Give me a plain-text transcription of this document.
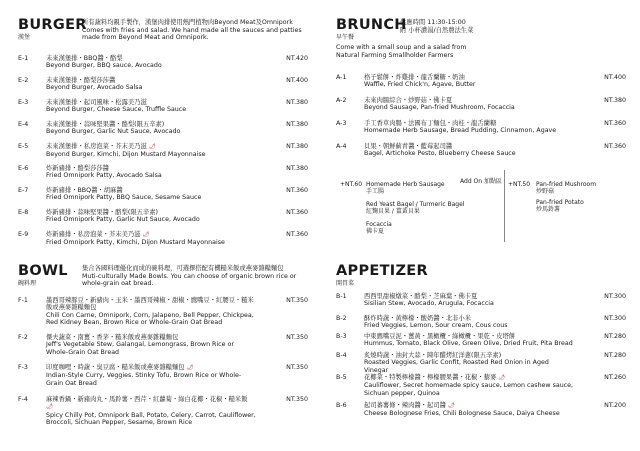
BURGER
漢堡
所有蔬料均親手製作，漢堡肉排使用熱門植物肉Beyond Meat及Omnipork
Comes with fries and salad. We hand made all the sauces and patties
made from Beyond Meat and Omnipork.
E-1	未來漢堡排・BBQ醬・酪梨
Beyond Burger, BBQ sauce, Avocado
NT.420
E-2	未來漢堡排・酪梨莎莎醬
Beyond Burger, Avocado Salsa
NT.400
E-3	未來漢堡排・起司風味・松露美乃滋
Beyond Burger, Cheese Sauce, Truffle Sauce
NT.380
E-4	未來漢堡排・蒜味堅果醬・酪梨(限五辛素)
Beyond Burger, Garlic Nut Sauce, Avocado
NT.380
E-5	未來漢堡排・私房泡菜・芥末美乃滋 🌶
Beyond Burger, Kimchi, Dijon Mustard Mayonnaise
NT.380
E-6	炸新豬排・酪梨莎莎醬
Fried Omnipork Patty, Avocado Salsa
NT.380
E-7	炸新豬排・BBQ醬・胡麻醬
Fried Omnipork Patty, BBQ Sauce, Sesame Sauce
NT.360
E-8	炸新豬排・蒜味堅果醬・酪梨(限五辛素)
Fried Omnipork Patty, Garlic Nut Sauce, Avocado
NT.360
E-9	炸新豬排・私房泡菜・芥末美乃滋 🌶
Fried Omnipork Patty, Kimchi, Dijon Mustard Mayonnaise
NT.360
BOWL
碗料理
集合各國料理優化而成的碗料理，可選擇搭配有機糙米飯或燕麥雜糧麵包
Muti-culturally Made Bowls. You can choose of organic brown rice or
whole-grain oat bread.
F-1	墨西哥辣豚豆・新豬肉・玉米・墨西哥辣椒・甜椒・鷹嘴豆・紅腰豆・糙米飯或燕麥雜糧麵包
Chili Con Carne, Omnipork, Corn, Jalapeno, Bell Pepper, Chickpea, Red Kidney Bean, Brown Rice or Whole-Grain Oat Bread
NT.350
F-2	傑夫蔬菜・南薑・香茅・糙米飯或燕麥雜糧麵包
Jeff's Vegetable Stew, Galangal, Lemongrass, Brown Rice or Whole-Grain Oat Bread
NT.350
F-3	印度咖哩・時蔬・臭豆腐・糙米飯或燕麥雜糧麵包 🌶
Indian-Style Curry, Veggies, Stinky Tofu, Brown Rice or Whole-Grain Oat Bread
NT.350
F-4	麻辣香鍋・新豬肉丸・馬鈴薯・西芹・紅蘿蔔・綠白花椰・花椒・糙米飯 🌶
Spicy Chilly Pot, Omnipork Ball, Potato, Celery, Carrot, Cauliflower, Broccoli, Sichuan Pepper, Sesame, Brown Rice
NT.350
BRUNCH
早午餐
供應時間 11:30-15:00
附 小杯濃湯/自然農法生菜
Come with a small soup and a salad from
Natural Farming Smallholder Farmers
A-1	格子鬆餅・炸雞排・龍舌蘭糖・奶油
Waffle, Fried Chick'n, Agave, Butter
NT.400
A-2	未來肉腸綜合・炒野菇・佛卡夏
Beyond Sausage, Pan-fried Mushroom, Focaccia
NT.380
A-3	手工香草肉腸・法國布丁麵包・肉桂・龍舌蘭糖
Homemade Herb Sausage, Bread Pudding, Cinnamon, Agave
NT.360
A-4	貝果・朝鮮薊青醬・藍莓起司醬
Bagel, Artichoke Pesto, Blueberry Cheese Sauce
NT.360
Add On 加點區
+NT.60 Homemade Herb Sausage
手工腸
Red Yeast Bagel / Turmeric Bagel
紅麴貝果 / 薑黃貝果
Focaccia
佛卡夏
+NT.50 Pan-fried Mushroom
炒野菇
Pan-fried Potato
炒馬鈴薯
APPETIZER
開胃菜
B-1	西西里甜椒燉菜・酪梨・芝麻葉・佛卡夏
Sisilian Stew, Avocado, Arugula, Focaccia
NT.300
B-2	酥炸時蔬・黃檸檬・酸奶醬・北非小米
Fried Veggies, Lemon, Sour cream, Cous cous
NT.300
B-3	中東鷹嘴豆泥・薑黃・黑橄欖・綠橄欖・果乾・皮塔餅
Hummus, Tomato, Black Olive, Green Olive, Dried Fruit, Pita Bread
NT.280
B-4	炙燒時蔬・油封大蒜・陳年醋烤紅洋蔥(限五辛素)
Roasted Veggies, Garlic Confit, Roasted Red Onion in Aged Vinegar
NT.280
B-5	花椰菜・特製檸檬醬・檸檬腰果醬・花椒・藜麥 🌶
Cauliflower, Secret homemade spicy sauce, Lemon cashew sauce, Sichuan pepper, Quinoa
NT.260
B-6	起司蕃薯條・辣肉醬・起司醬 🌶
Cheese Bolognese Fries, Chili Bolognese Sauce, Daiya Cheese
NT.200
